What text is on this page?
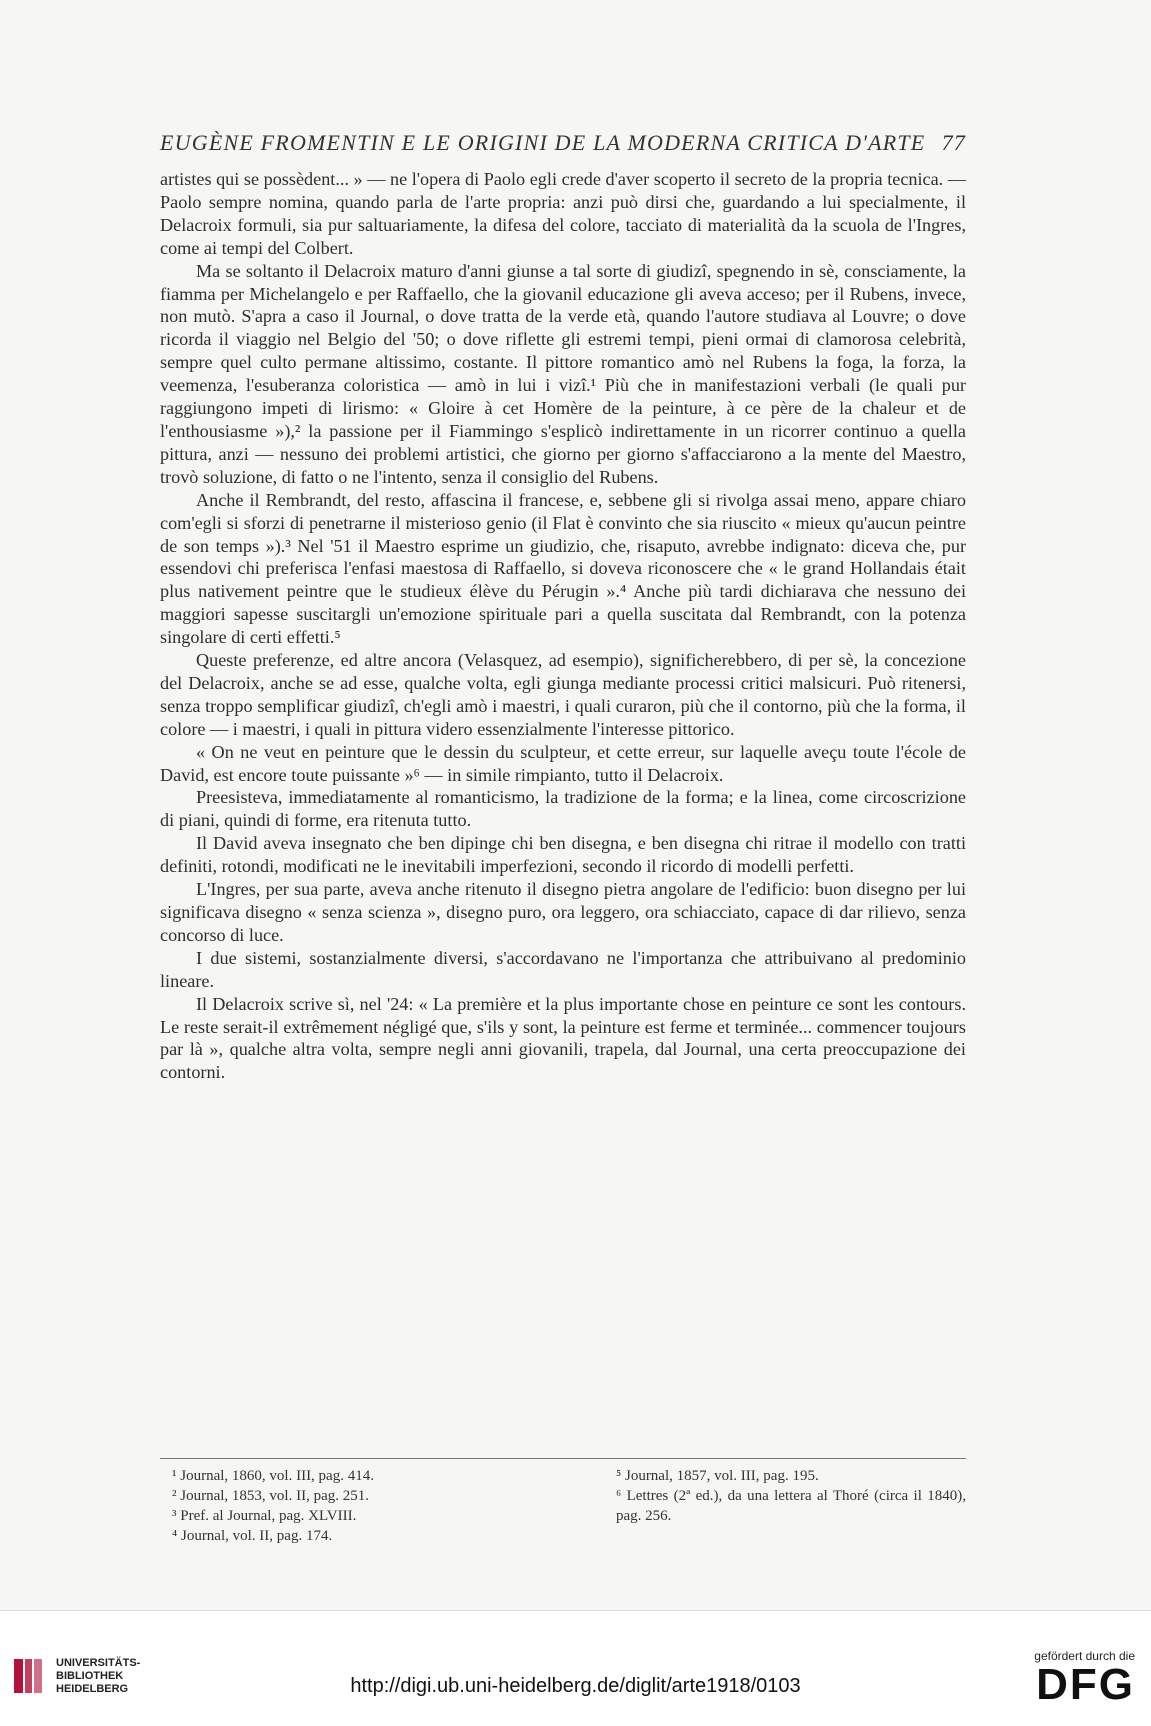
EUGÈNE FROMENTIN E LE ORIGINI DE LA MODERNA CRITICA D'ARTE 77

artistes qui se possèdent... » — ne l'opera di Paolo egli crede d'aver scoperto il secreto de la propria tecnica. — Paolo sempre nomina, quando parla de l'arte propria: anzi può dirsi che, guardando a lui specialmente, il Delacroix formuli, sia pur saltuariamente, la difesa del colore, tacciato di materialità da la scuola de l'Ingres, come ai tempi del Colbert.

Ma se soltanto il Delacroix maturo d'anni giunse a tal sorte di giudizî, spegnendo in sè, consciamente, la fiamma per Michelangelo e per Raffaello, che la giovanil educazione gli aveva acceso; per il Rubens, invece, non mutò. S'apra a caso il Journal, o dove tratta de la verde età, quando l'autore studiava al Louvre; o dove ricorda il viaggio nel Belgio del '50; o dove riflette gli estremi tempi, pieni ormai di clamorosa celebrità, sempre quel culto permane altissimo, costante. Il pittore romantico amò nel Rubens la foga, la forza, la veemenza, l'esuberanza coloristica — amò in lui i vizî.¹ Più che in manifestazioni verbali (le quali pur raggiungono impeti di lirismo: « Gloire à cet Homère de la peinture, à ce père de la chaleur et de l'enthousiasme »),² la passione per il Fiammingo s'esplicò indirettamente in un ricorrer continuo a quella pittura, anzi — nessuno dei problemi artistici, che giorno per giorno s'affacciarono a la mente del Maestro, trovò soluzione, di fatto o ne l'intento, senza il consiglio del Rubens.

Anche il Rembrandt, del resto, affascina il francese, e, sebbene gli si rivolga assai meno, appare chiaro com'egli si sforzi di penetrarne il misterioso genio (il Flat è convinto che sia riuscito « mieux qu'aucun peintre de son temps »).³ Nel '51 il Maestro esprime un giudizio, che, risaputo, avrebbe indignato: diceva che, pur essendovi chi preferisca l'enfasi maestosa di Raffaello, si doveva riconoscere che « le grand Hollandais était plus nativement peintre que le studieux élève du Pérugin ».⁴ Anche più tardi dichiarava che nessuno dei maggiori sapesse suscitargli un'emozione spirituale pari a quella suscitata dal Rembrandt, con la potenza singolare di certi effetti.⁵

Queste preferenze, ed altre ancora (Velasquez, ad esempio), significherebbero, di per sè, la concezione del Delacroix, anche se ad esse, qualche volta, egli giunga mediante processi critici malsicuri. Può ritenersi, senza troppo semplificar giudizî, ch'egli amò i maestri, i quali curaron, più che il contorno, più che la forma, il colore — i maestri, i quali in pittura videro essenzialmente l'interesse pittorico.

« On ne veut en peinture que le dessin du sculpteur, et cette erreur, sur laquelle aveçu toute l'école de David, est encore toute puissante »⁶ — in simile rimpianto, tutto il Delacroix.

Preesisteva, immediatamente al romanticismo, la tradizione de la forma; e la linea, come circoscrizione di piani, quindi di forme, era ritenuta tutto.

Il David aveva insegnato che ben dipinge chi ben disegna, e ben disegna chi ritrae il modello con tratti definiti, rotondi, modificati ne le inevitabili imperfezioni, secondo il ricordo di modelli perfetti.

L'Ingres, per sua parte, aveva anche ritenuto il disegno pietra angolare de l'edificio: buon disegno per lui significava disegno « senza scienza », disegno puro, ora leggero, ora schiacciato, capace di dar rilievo, senza concorso di luce.

I due sistemi, sostanzialmente diversi, s'accordavano ne l'importanza che attribuivano al predominio lineare.

Il Delacroix scrive sì, nel '24: « La première et la plus importante chose en peinture ce sont les contours. Le reste serait-il extrêmement négligé que, s'ils y sont, la peinture est ferme et terminée... commencer toujours par là », qualche altra volta, sempre negli anni giovanili, trapela, dal Journal, una certa preoccupazione dei contorni.

¹ Journal, 1860, vol. III, pag. 414.
² Journal, 1853, vol. II, pag. 251.
³ Pref. al Journal, pag. XLVIII.
⁴ Journal, vol. II, pag. 174.
⁵ Journal, 1857, vol. III, pag. 195.
⁶ Lettres (2ª ed.), da una lettera al Thoré (circa il 1840), pag. 256.
UNIVERSITÄTS-
BIBLIOTHEK
HEIDELBERG	http://digi.ub.uni-heidelberg.de/diglit/arte1918/0103
gefördert durch die
DFG
